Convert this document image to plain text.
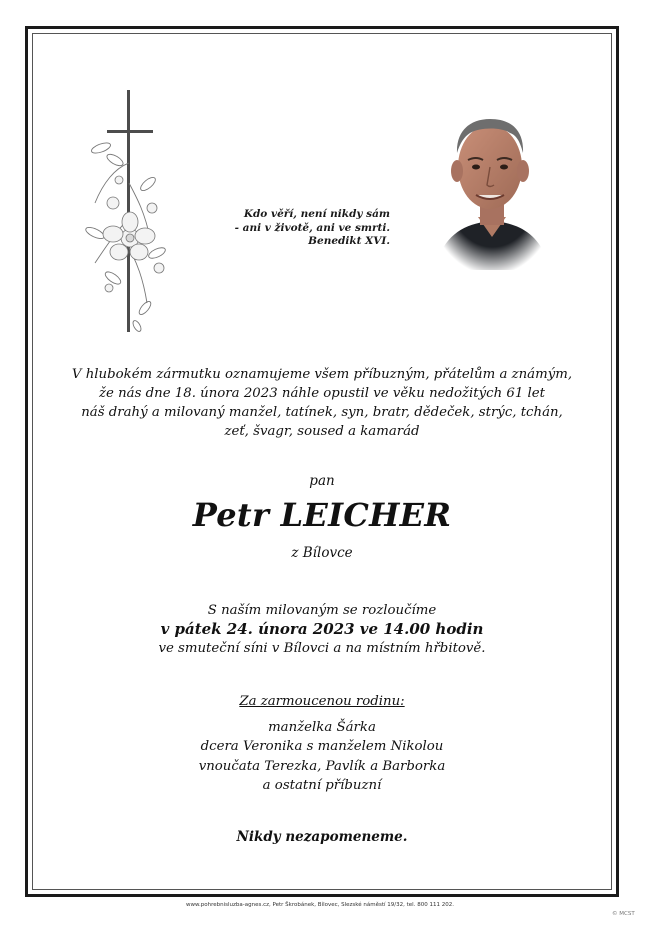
Kdo věří, není nikdy sám
- ani v životě, ani ve smrti.
Benedikt XVI.
V hlubokém zármutku oznamujeme všem příbuzným, přátelům a známým,
že nás dne 18. února 2023 náhle opustil ve věku nedožitých 61 let
náš drahý a milovaný manžel, tatínek, syn, bratr, dědeček, strýc, tchán,
zeť, švagr, soused a kamarád
pan
Petr LEICHER
z Bílovce
S naším milovaným se rozloučíme
v pátek 24. února 2023 ve 14.00 hodin
ve smuteční síni v Bílovci a na místním hřbitově.
Za zarmoucenou rodinu:
manželka Šárka
dcera Veronika s manželem Nikolou
vnoučata Terezka, Pavlík a Barborka
a ostatní příbuzní
Nikdy nezapomeneme.
www.pohrebnisluzba-agnes.cz, Petr Škrobánek, Bílovec, Slezské náměstí 19/32, tel. 800 111 202.
© MCST
